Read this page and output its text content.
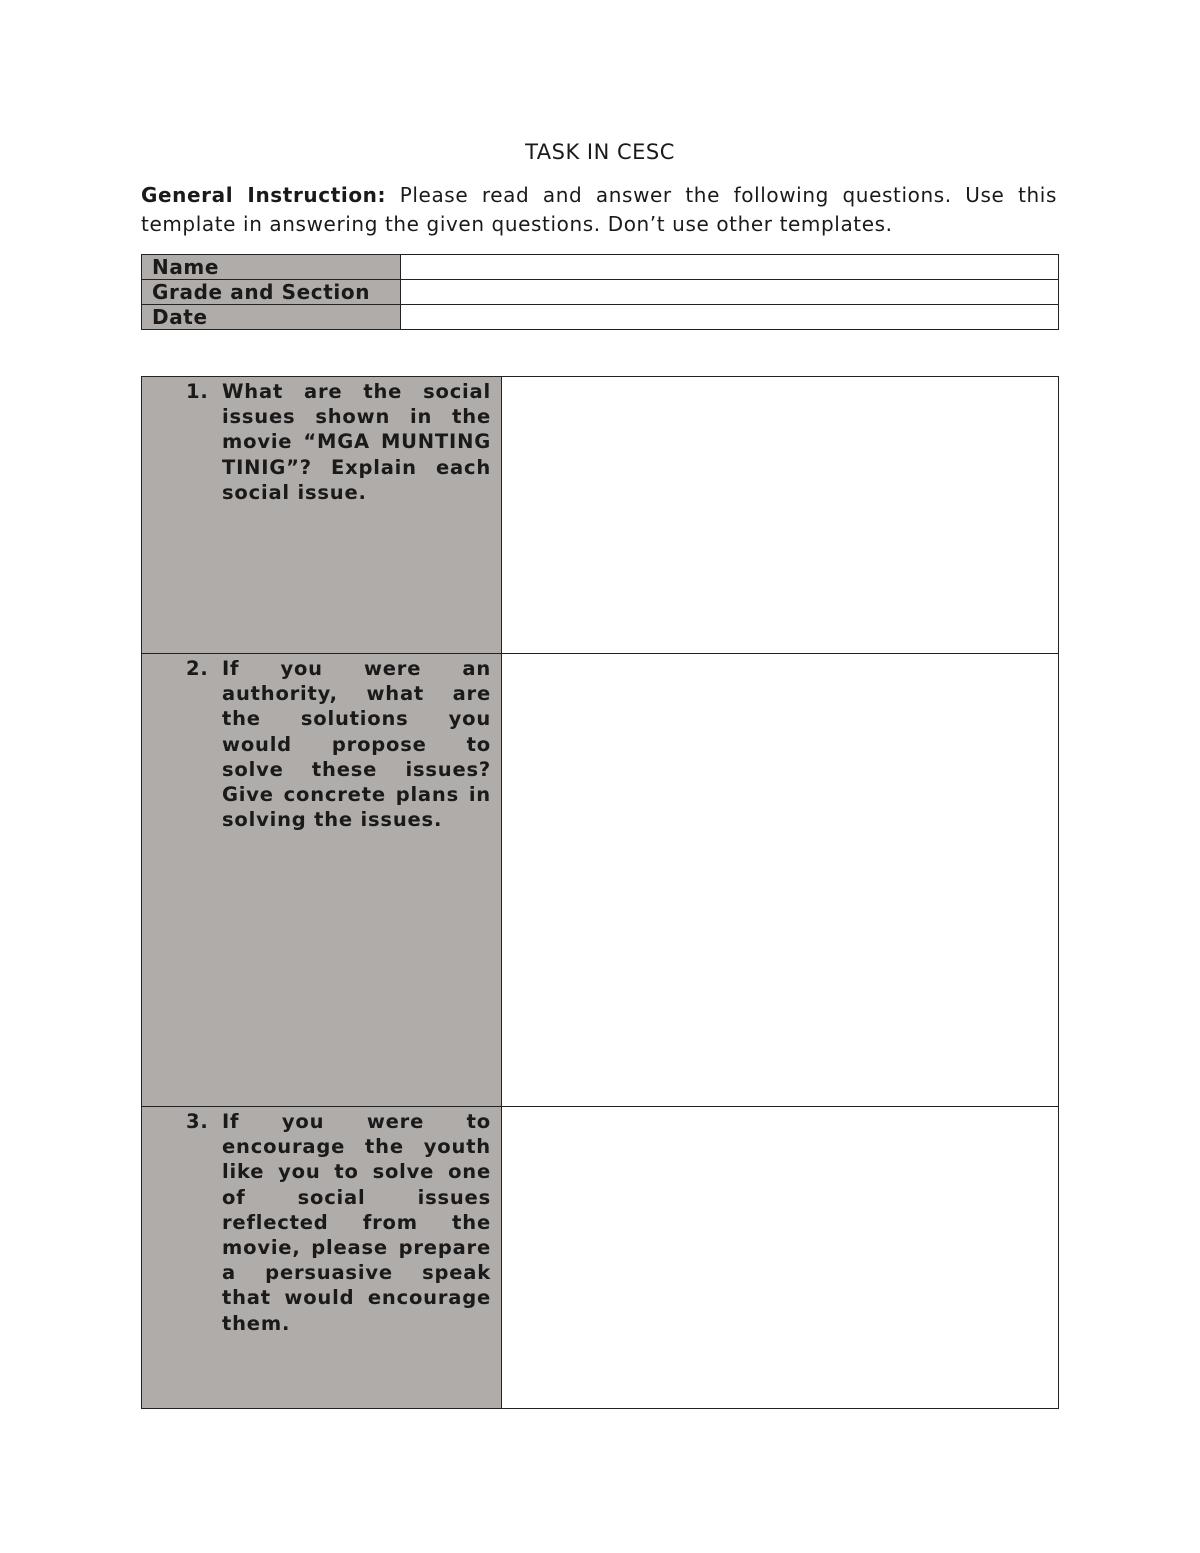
TASK IN CESC
General Instruction: Please read and answer the following questions. Use this template in answering the given questions. Don’t use other templates.
Name	
Grade and Section	
Date	
1. What are the social issues shown in the movie “MGA MUNTING TINIG”? Explain each social issue.	

2. If you were an authority, what are the solutions you would propose to solve these issues? Give concrete plans in solving the issues.	

3. If you were to encourage the youth like you to solve one of social issues reflected from the movie, please prepare a persuasive speak that would encourage them.	
